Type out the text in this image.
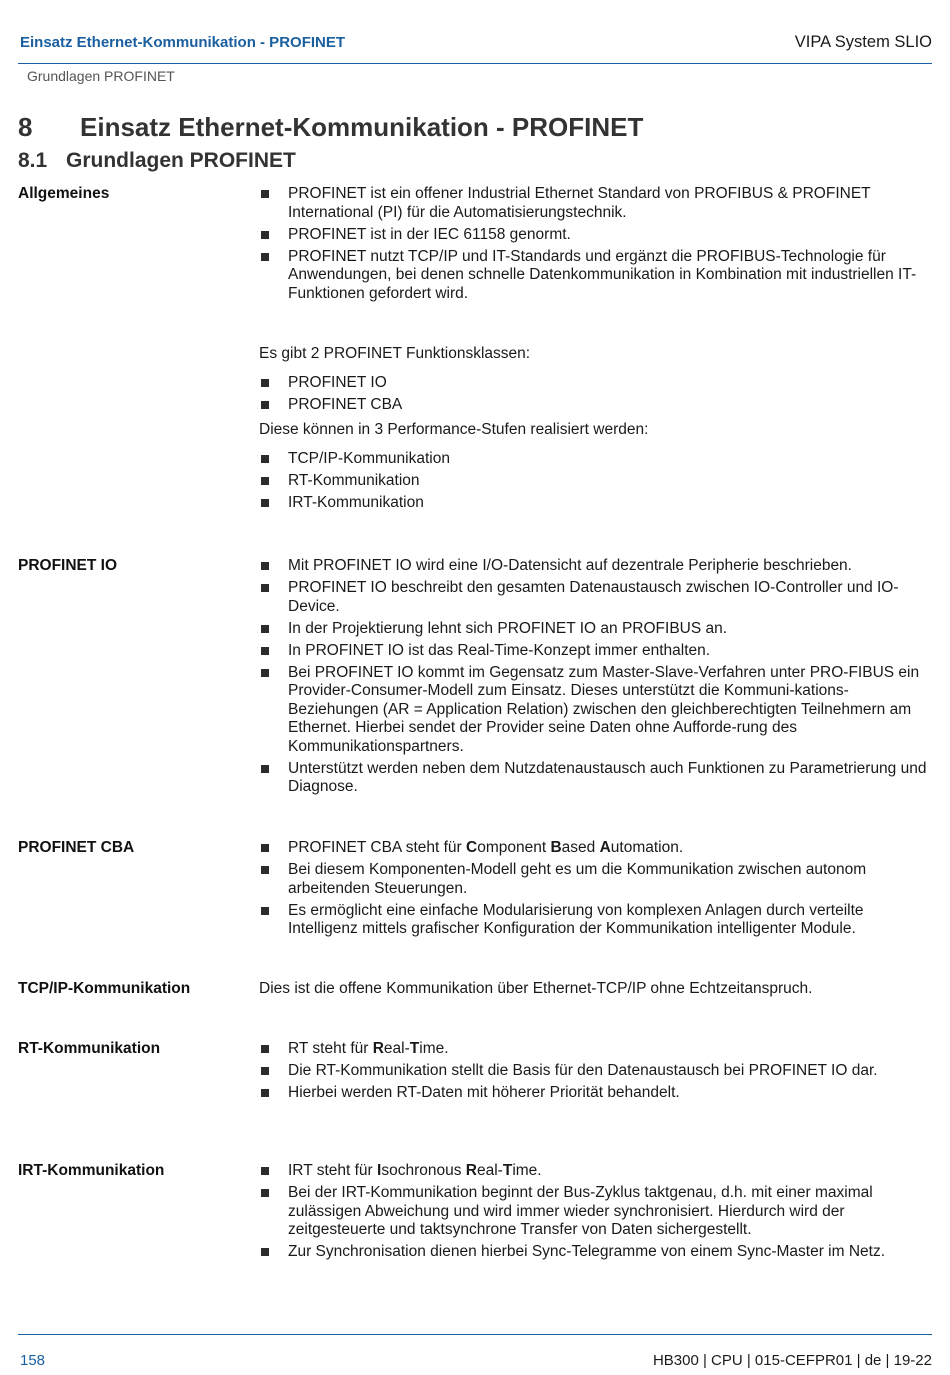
Einsatz Ethernet-Kommunikation - PROFINET	VIPA System SLIO
Grundlagen PROFINET
8 Einsatz Ethernet-Kommunikation - PROFINET
8.1 Grundlagen PROFINET
Allgemeines	PROFINET ist ein offener Industrial Ethernet Standard von PROFIBUS & PROFINET International (PI) für die Automatisierungstechnik.
PROFINET ist in der IEC 61158 genormt.
PROFINET nutzt TCP/IP und IT-Standards und ergänzt die PROFIBUS-Technologie für Anwendungen, bei denen schnelle Datenkommunikation in Kombination mit industriellen IT-Funktionen gefordert wird.

Es gibt 2 PROFINET Funktionsklassen:

PROFINET IO
PROFINET CBA

Diese können in 3 Performance-Stufen realisiert werden:

TCP/IP-Kommunikation
RT-Kommunikation
IRT-Kommunikation
PROFINET IO	Mit PROFINET IO wird eine I/O-Datensicht auf dezentrale Peripherie beschrieben.
PROFINET IO beschreibt den gesamten Datenaustausch zwischen IO-Controller und IO-Device.
In der Projektierung lehnt sich PROFINET IO an PROFIBUS an.
In PROFINET IO ist das Real-Time-Konzept immer enthalten.
Bei PROFINET IO kommt im Gegensatz zum Master-Slave-Verfahren unter PRO-FIBUS ein Provider-Consumer-Modell zum Einsatz. Dieses unterstützt die Kommuni-kations-Beziehungen (AR = Application Relation) zwischen den gleichberechtigten Teilnehmern am Ethernet. Hierbei sendet der Provider seine Daten ohne Aufforde-rung des Kommunikationspartners.
Unterstützt werden neben dem Nutzdatenaustausch auch Funktionen zu Parametrierung und Diagnose.
PROFINET CBA	PROFINET CBA steht für Component Based Automation.
Bei diesem Komponenten-Modell geht es um die Kommunikation zwischen autonom arbeitenden Steuerungen.
Es ermöglicht eine einfache Modularisierung von komplexen Anlagen durch verteilte Intelligenz mittels grafischer Konfiguration der Kommunikation intelligenter Module.
TCP/IP-Kommunikation	Dies ist die offene Kommunikation über Ethernet-TCP/IP ohne Echtzeitanspruch.

RT-Kommunikation	RT steht für Real-Time.
Die RT-Kommunikation stellt die Basis für den Datenaustausch bei PROFINET IO dar.
Hierbei werden RT-Daten mit höherer Priorität behandelt.
IRT-Kommunikation	IRT steht für Isochronous Real-Time.
Bei der IRT-Kommunikation beginnt der Bus-Zyklus taktgenau, d.h. mit einer maximal zulässigen Abweichung und wird immer wieder synchronisiert. Hierdurch wird der zeitgesteuerte und taktsynchrone Transfer von Daten sichergestellt.
Zur Synchronisation dienen hierbei Sync-Telegramme von einem Sync-Master im Netz.
158	HB300 | CPU | 015-CEFPR01 | de | 19-22
